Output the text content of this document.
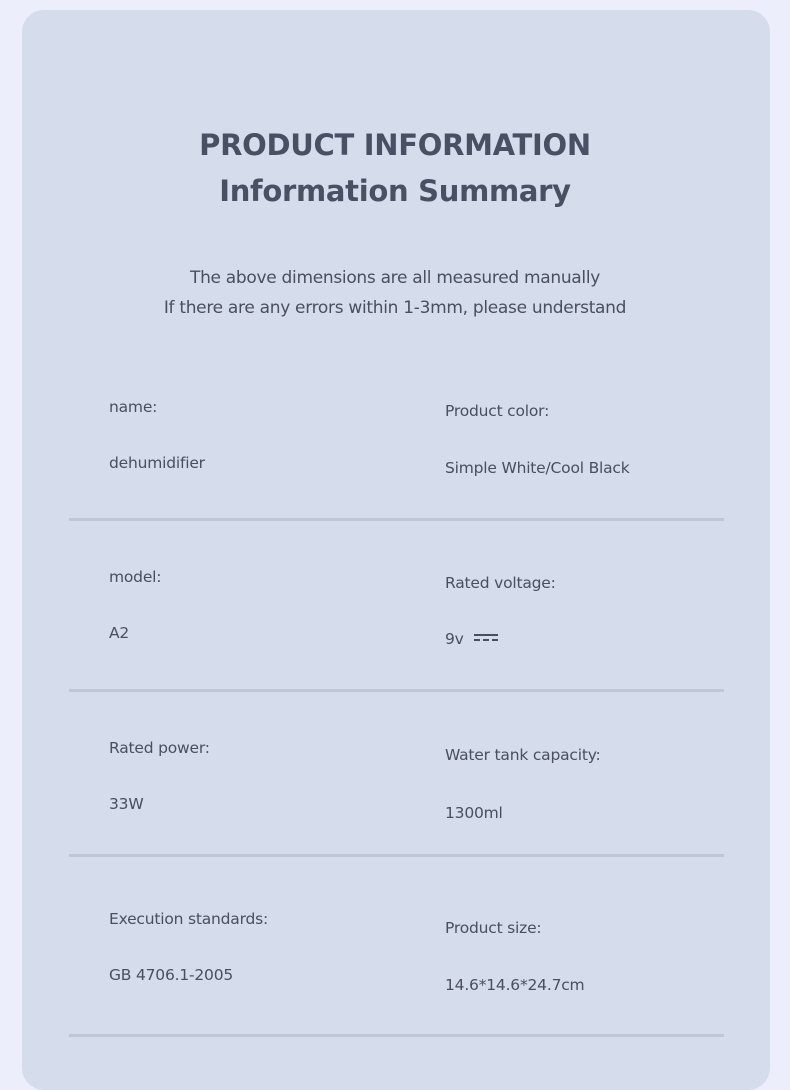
PRODUCT INFORMATION
Information Summary
The above dimensions are all measured manually
If there are any errors within 1-3mm, please understand
name:
dehumidifier
Product color:
Simple White/Cool Black
model:
A2
Rated voltage:
9v
Rated power:
33W
Water tank capacity:
1300ml
Execution standards:
GB 4706.1-2005
Product size:
14.6*14.6*24.7cm
